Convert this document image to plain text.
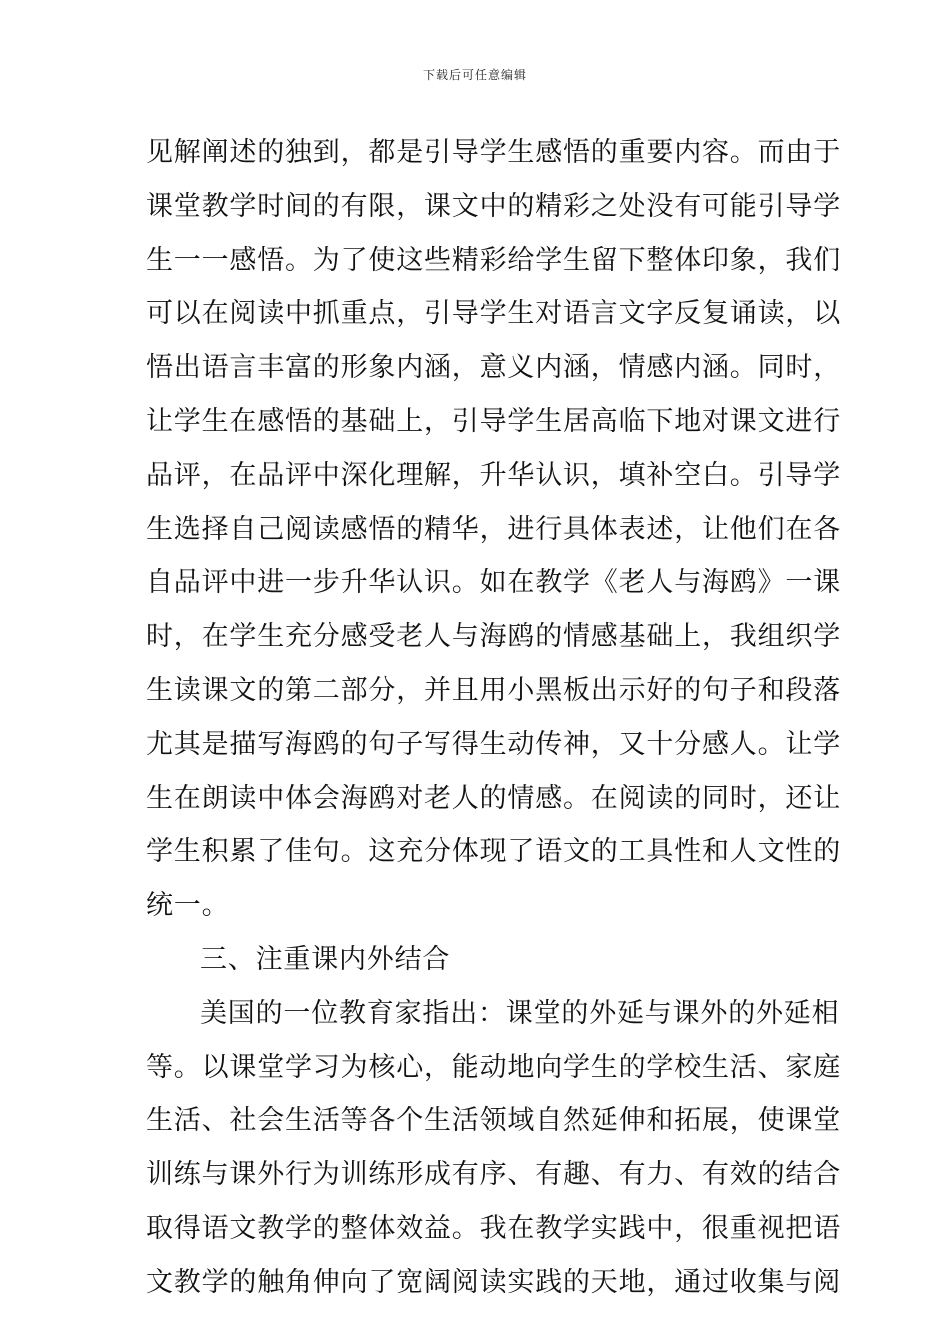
下载后可任意编辑
见解阐述的独到，都是引导学生感悟的重要内容。而由于
课堂教学时间的有限，课文中的精彩之处没有可能引导学
生一一感悟。为了使这些精彩给学生留下整体印象，我们
可以在阅读中抓重点，引导学生对语言文字反复诵读，以
悟出语言丰富的形象内涵，意义内涵，情感内涵。同时，
让学生在感悟的基础上，引导学生居高临下地对课文进行
品评，在品评中深化理解，升华认识，填补空白。引导学
生选择自己阅读感悟的精华，进行具体表述，让他们在各
自品评中进一步升华认识。如在教学《老人与海鸥》一课
时，在学生充分感受老人与海鸥的情感基础上，我组织学
生读课文的第二部分，并且用小黑板出示好的句子和段落
尤其是描写海鸥的句子写得生动传神，又十分感人。让学
生在朗读中体会海鸥对老人的情感。在阅读的同时，还让
学生积累了佳句。这充分体现了语文的工具性和人文性的
统一。
三、注重课内外结合
美国的一位教育家指出：课堂的外延与课外的外延相
等。以课堂学习为核心，能动地向学生的学校生活、家庭
生活、社会生活等各个生活领域自然延伸和拓展，使课堂
训练与课外行为训练形成有序、有趣、有力、有效的结合
取得语文教学的整体效益。我在教学实践中，很重视把语
文教学的触角伸向了宽阔阅读实践的天地，通过收集与阅
